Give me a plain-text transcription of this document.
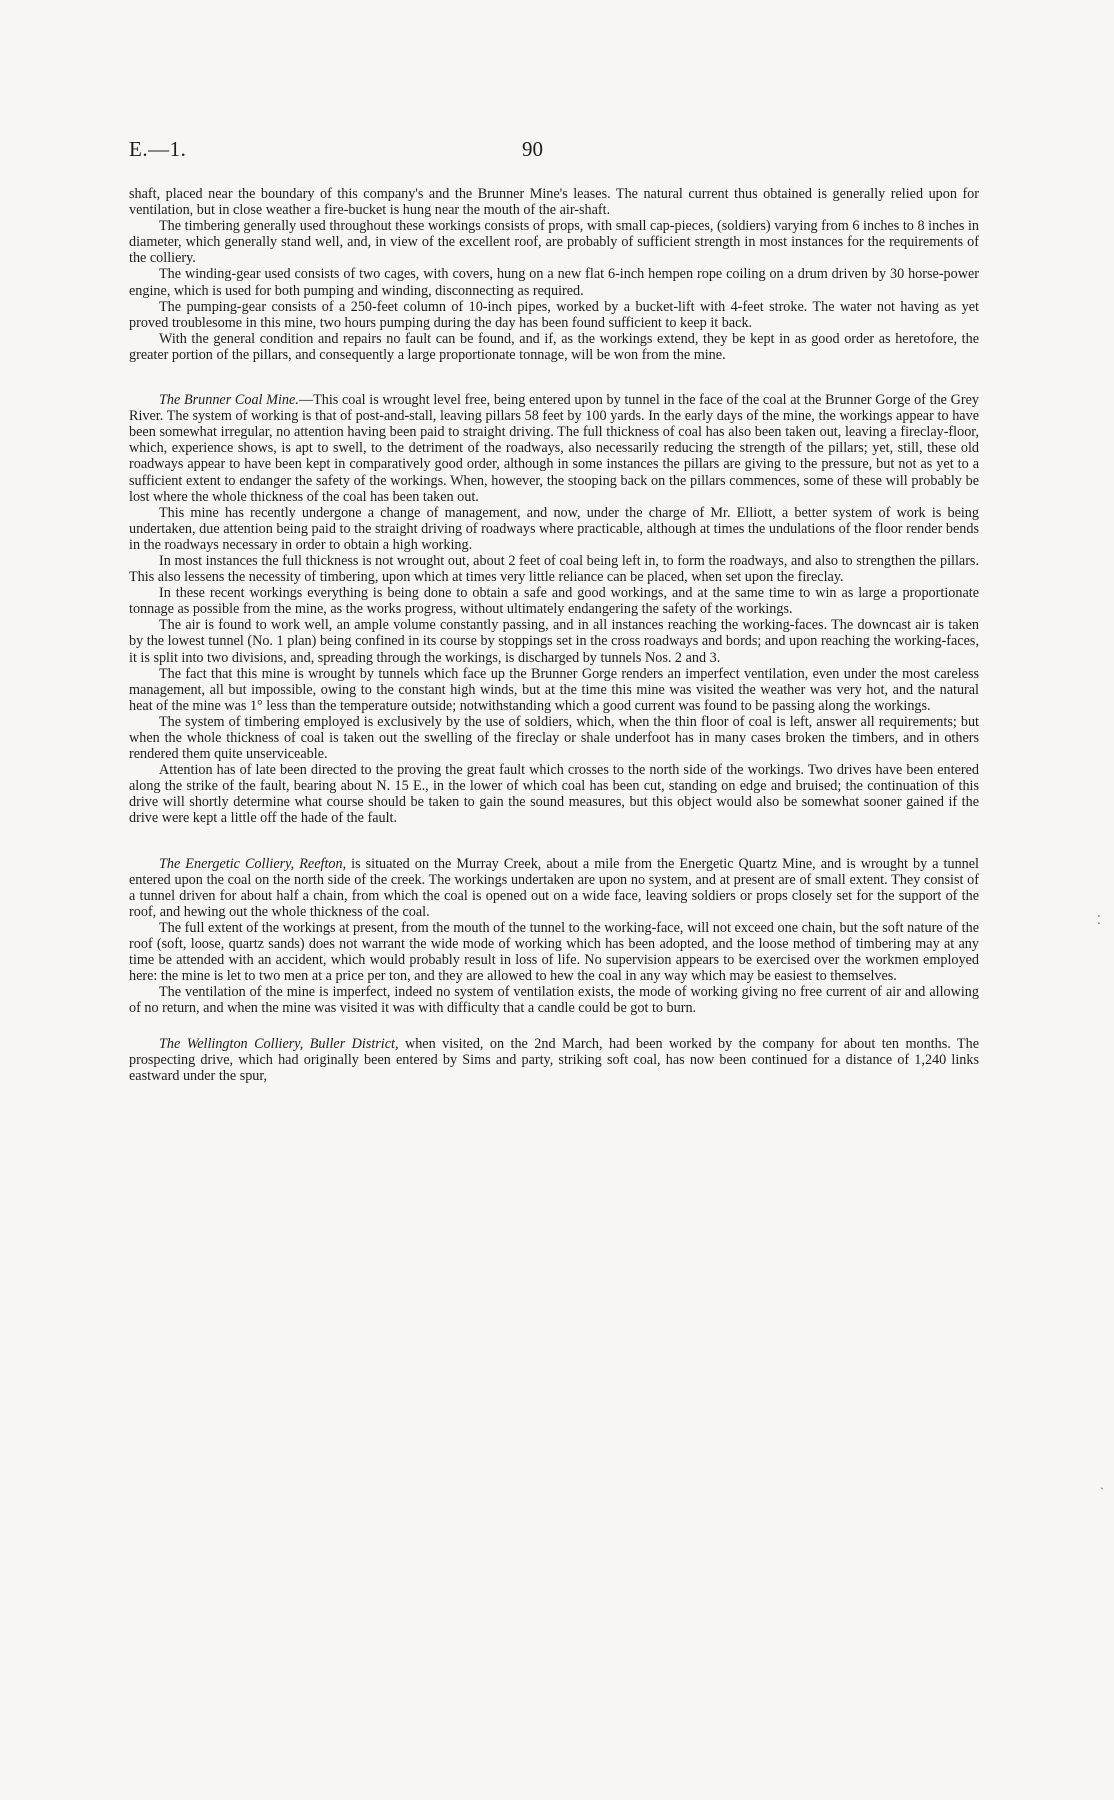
E.—1.	90

shaft, placed near the boundary of this company's and the Brunner Mine's leases. The natural current thus obtained is generally relied upon for ventilation, but in close weather a fire-bucket is hung near the mouth of the air-shaft.

The timbering generally used throughout these workings consists of props, with small cap-pieces, (soldiers) varying from 6 inches to 8 inches in diameter, which generally stand well, and, in view of the excellent roof, are probably of sufficient strength in most instances for the requirements of the colliery.

The winding-gear used consists of two cages, with covers, hung on a new flat 6-inch hempen rope coiling on a drum driven by 30 horse-power engine, which is used for both pumping and winding, disconnecting as required.

The pumping-gear consists of a 250-feet column of 10-inch pipes, worked by a bucket-lift with 4-feet stroke. The water not having as yet proved troublesome in this mine, two hours pumping during the day has been found sufficient to keep it back.

With the general condition and repairs no fault can be found, and if, as the workings extend, they be kept in as good order as heretofore, the greater portion of the pillars, and consequently a large proportionate tonnage, will be won from the mine.

The Brunner Coal Mine.—This coal is wrought level free, being entered upon by tunnel in the face of the coal at the Brunner Gorge of the Grey River. The system of working is that of post-and-stall, leaving pillars 58 feet by 100 yards. In the early days of the mine, the workings appear to have been somewhat irregular, no attention having been paid to straight driving. The full thickness of coal has also been taken out, leaving a fireclay-floor, which, experience shows, is apt to swell, to the detriment of the roadways, also necessarily reducing the strength of the pillars; yet, still, these old roadways appear to have been kept in comparatively good order, although in some instances the pillars are giving to the pressure, but not as yet to a sufficient extent to endanger the safety of the workings. When, however, the stooping back on the pillars commences, some of these will probably be lost where the whole thickness of the coal has been taken out.

This mine has recently undergone a change of management, and now, under the charge of Mr. Elliott, a better system of work is being undertaken, due attention being paid to the straight driving of roadways where practicable, although at times the undulations of the floor render bends in the roadways necessary in order to obtain a high working.

In most instances the full thickness is not wrought out, about 2 feet of coal being left in, to form the roadways, and also to strengthen the pillars. This also lessens the necessity of timbering, upon which at times very little reliance can be placed, when set upon the fireclay.

In these recent workings everything is being done to obtain a safe and good workings, and at the same time to win as large a proportionate tonnage as possible from the mine, as the works progress, without ultimately endangering the safety of the workings.

The air is found to work well, an ample volume constantly passing, and in all instances reaching the working-faces. The downcast air is taken by the lowest tunnel (No. 1 plan) being confined in its course by stoppings set in the cross roadways and bords; and upon reaching the working-faces, it is split into two divisions, and, spreading through the workings, is discharged by tunnels Nos. 2 and 3.

The fact that this mine is wrought by tunnels which face up the Brunner Gorge renders an imperfect ventilation, even under the most careless management, all but impossible, owing to the constant high winds, but at the time this mine was visited the weather was very hot, and the natural heat of the mine was 1° less than the temperature outside; notwithstanding which a good current was found to be passing along the workings.

The system of timbering employed is exclusively by the use of soldiers, which, when the thin floor of coal is left, answer all requirements; but when the whole thickness of coal is taken out the swelling of the fireclay or shale underfoot has in many cases broken the timbers, and in others rendered them quite unserviceable.

Attention has of late been directed to the proving the great fault which crosses to the north side of the workings. Two drives have been entered along the strike of the fault, bearing about N. 15 E., in the lower of which coal has been cut, standing on edge and bruised; the continuation of this drive will shortly determine what course should be taken to gain the sound measures, but this object would also be somewhat sooner gained if the drive were kept a little off the hade of the fault.

The Energetic Colliery, Reefton, is situated on the Murray Creek, about a mile from the Energetic Quartz Mine, and is wrought by a tunnel entered upon the coal on the north side of the creek. The workings undertaken are upon no system, and at present are of small extent. They consist of a tunnel driven for about half a chain, from which the coal is opened out on a wide face, leaving soldiers or props closely set for the support of the roof, and hewing out the whole thickness of the coal.

The full extent of the workings at present, from the mouth of the tunnel to the working-face, will not exceed one chain, but the soft nature of the roof (soft, loose, quartz sands) does not warrant the wide mode of working which has been adopted, and the loose method of timbering may at any time be attended with an accident, which would probably result in loss of life. No supervision appears to be exercised over the workmen employed here: the mine is let to two men at a price per ton, and they are allowed to hew the coal in any way which may be easiest to themselves.

The ventilation of the mine is imperfect, indeed no system of ventilation exists, the mode of working giving no free current of air and allowing of no return, and when the mine was visited it was with difficulty that a candle could be got to burn.

The Wellington Colliery, Buller District, when visited, on the 2nd March, had been worked by the company for about ten months. The prospecting drive, which had originally been entered by Sims and party, striking soft coal, has now been continued for a distance of 1,240 links eastward under the spur,

⁚
ˋ
